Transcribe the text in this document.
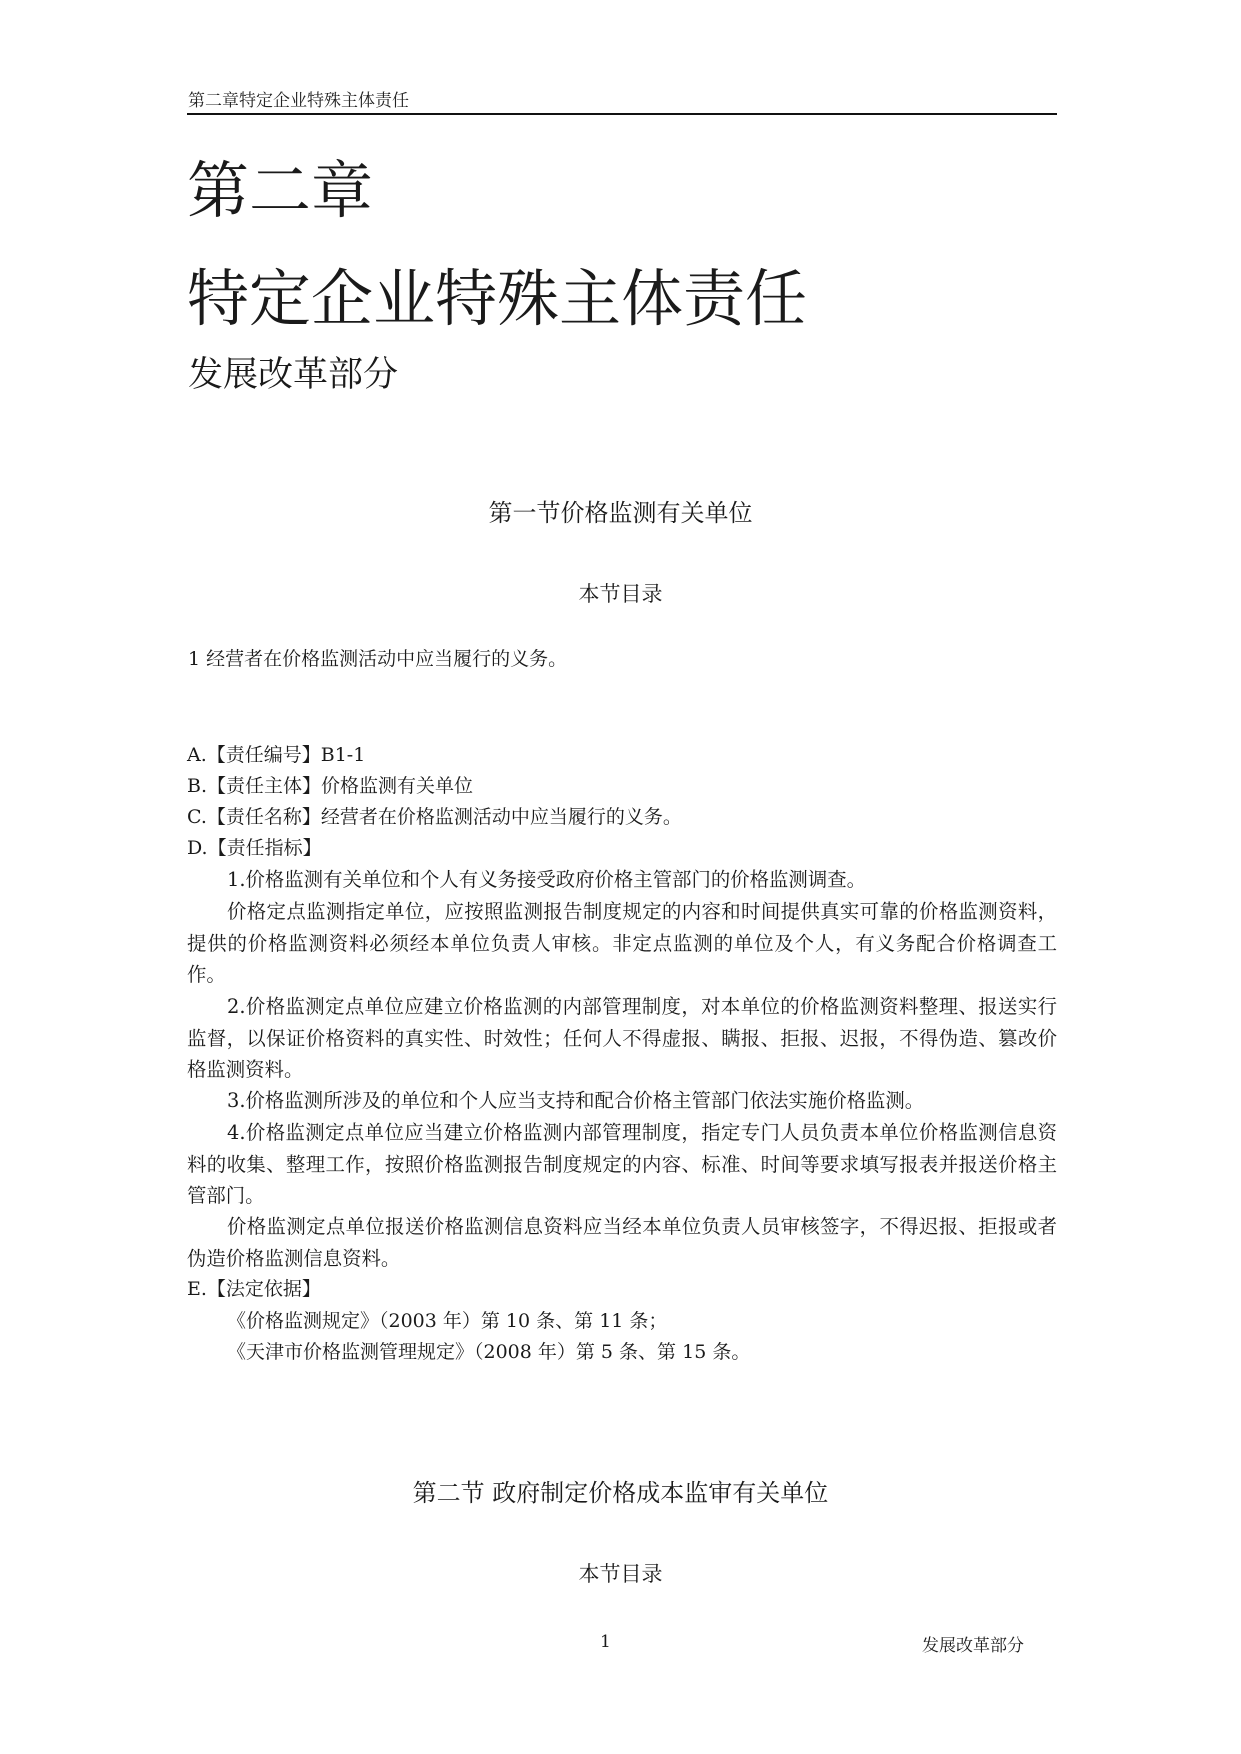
第二章特定企业特殊主体责任
第二章
特定企业特殊主体责任
发展改革部分
第一节价格监测有关单位
本节目录
1 经营者在价格监测活动中应当履行的义务。
A.【责任编号】B1-1
B.【责任主体】价格监测有关单位
C.【责任名称】经营者在价格监测活动中应当履行的义务。
D.【责任指标】
1.价格监测有关单位和个人有义务接受政府价格主管部门的价格监测调查。
价格定点监测指定单位，应按照监测报告制度规定的内容和时间提供真实可靠的价格监测资料，提供的价格监测资料必须经本单位负责人审核。非定点监测的单位及个人，有义务配合价格调查工作。
2.价格监测定点单位应建立价格监测的内部管理制度，对本单位的价格监测资料整理、报送实行监督，以保证价格资料的真实性、时效性；任何人不得虚报、瞒报、拒报、迟报，不得伪造、篡改价格监测资料。
3.价格监测所涉及的单位和个人应当支持和配合价格主管部门依法实施价格监测。
4.价格监测定点单位应当建立价格监测内部管理制度，指定专门人员负责本单位价格监测信息资料的收集、整理工作，按照价格监测报告制度规定的内容、标准、时间等要求填写报表并报送价格主管部门。
价格监测定点单位报送价格监测信息资料应当经本单位负责人员审核签字，不得迟报、拒报或者伪造价格监测信息资料。
E.【法定依据】
《价格监测规定》（2003 年）第 10 条、第 11 条；
《天津市价格监测管理规定》（2008 年）第 5 条、第 15 条。
第二节 政府制定价格成本监审有关单位
本节目录
1	发展改革部分
